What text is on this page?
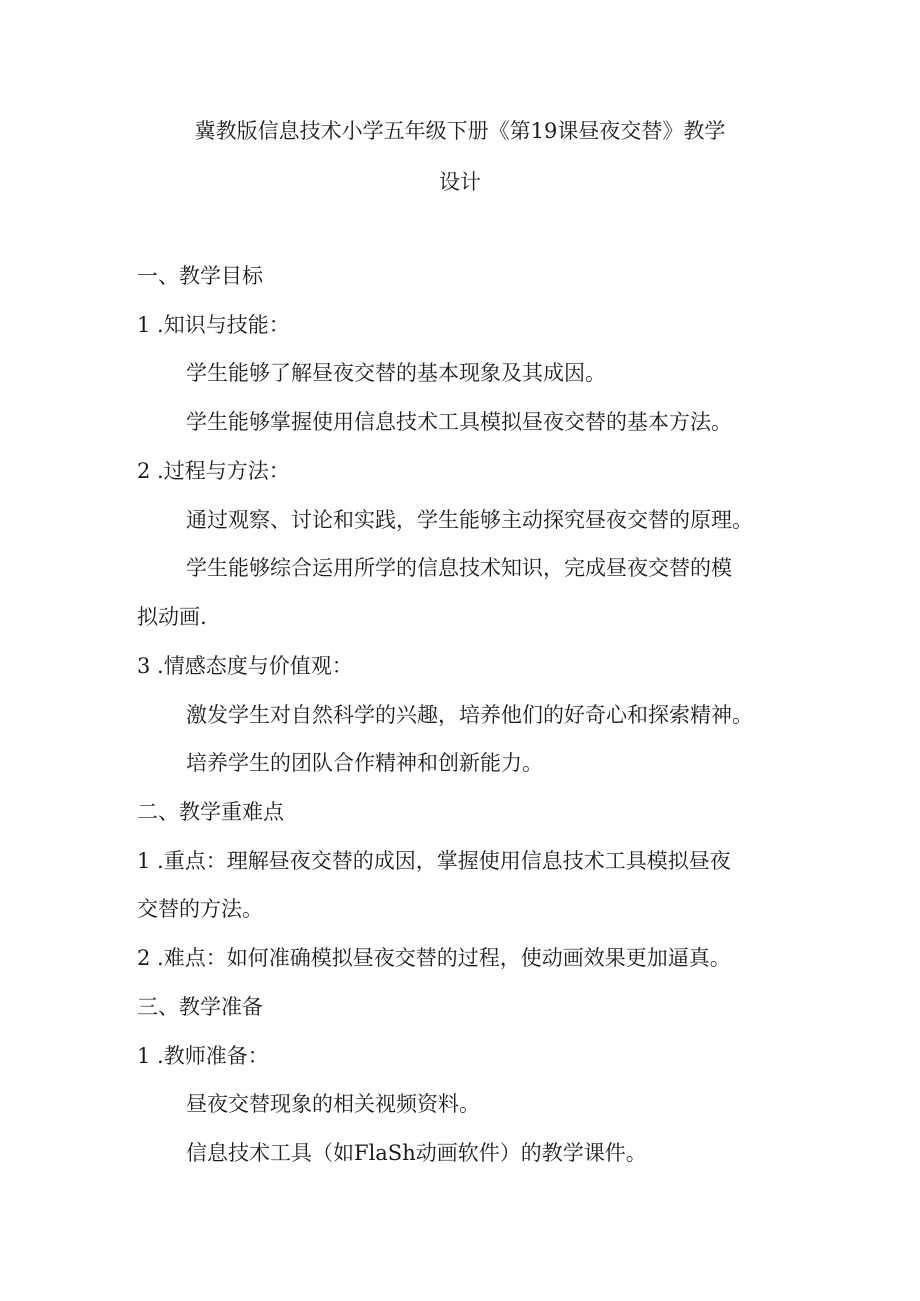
冀教版信息技术小学五年级下册《第19课昼夜交替》教学
设计
一、教学目标
1 .知识与技能：
学生能够了解昼夜交替的基本现象及其成因。
学生能够掌握使用信息技术工具模拟昼夜交替的基本方法。
2 .过程与方法：
通过观察、讨论和实践，学生能够主动探究昼夜交替的原理。
学生能够综合运用所学的信息技术知识，完成昼夜交替的模
拟动画.
3 .情感态度与价值观：
激发学生对自然科学的兴趣，培养他们的好奇心和探索精神。
培养学生的团队合作精神和创新能力。
二、教学重难点
1 .重点：理解昼夜交替的成因，掌握使用信息技术工具模拟昼夜
交替的方法。
2 .难点：如何准确模拟昼夜交替的过程，使动画效果更加逼真。
三、教学准备
1 .教师准备：
昼夜交替现象的相关视频资料。
信息技术工具（如FlaSh动画软件）的教学课件。
